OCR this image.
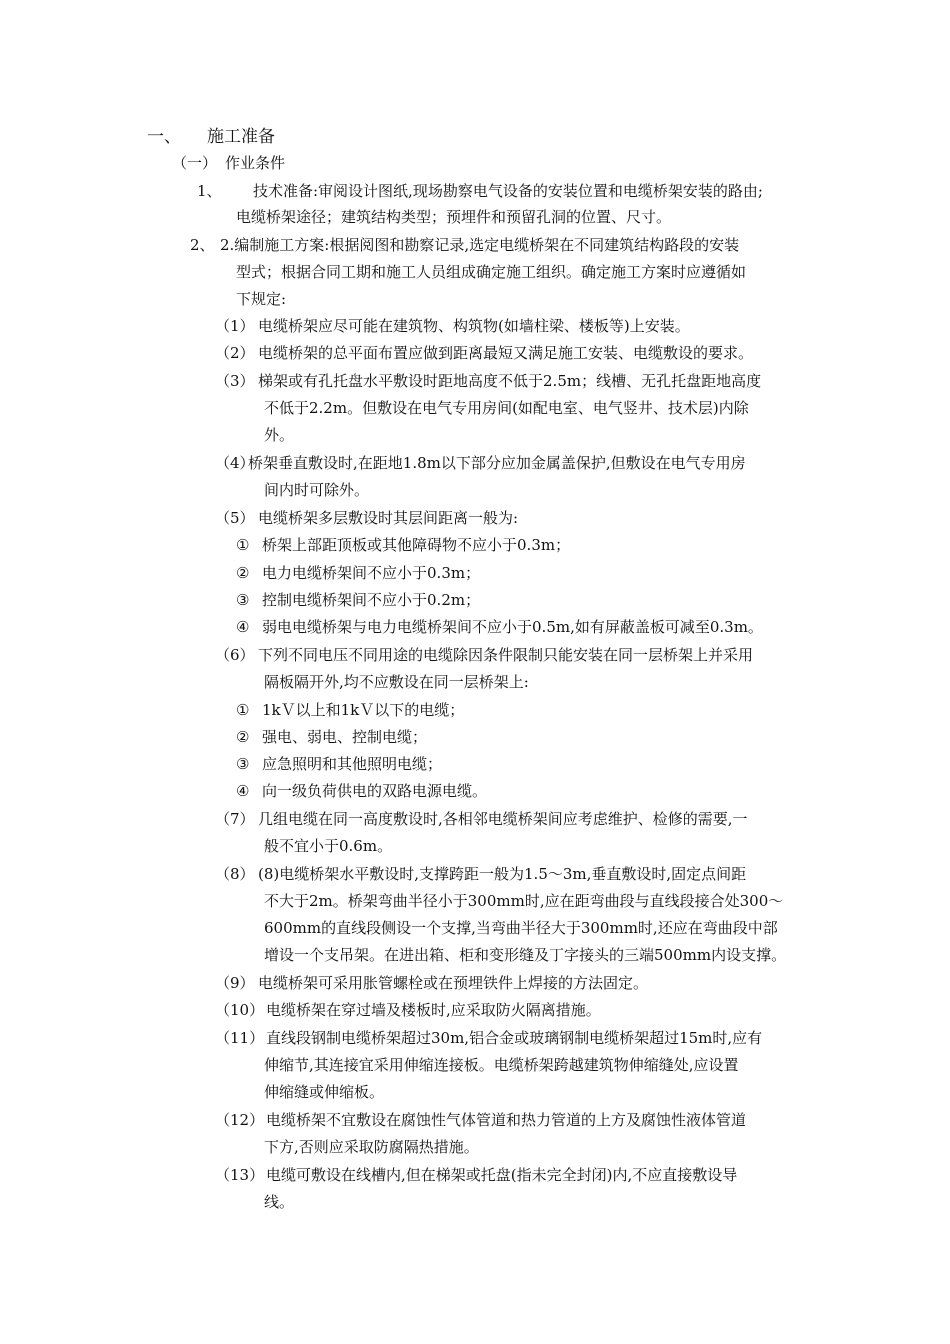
一、 施工准备
（一） 作业条件
1、 技术准备:审阅设计图纸,现场勘察电气设备的安装位置和电缆桥架安装的路由;
电缆桥架途径；建筑结构类型；预埋件和预留孔洞的位置、尺寸。
2、 2.编制施工方案:根据阅图和勘察记录,选定电缆桥架在不同建筑结构路段的安装
型式；根据合同工期和施工人员组成确定施工组织。确定施工方案时应遵循如
下规定:
（1） 电缆桥架应尽可能在建筑物、构筑物(如墙柱梁、楼板等)上安装。
（2） 电缆桥架的总平面布置应做到距离最短又满足施工安装、电缆敷设的要求。
（3） 梯架或有孔托盘水平敷设时距地高度不低于2.5m；线槽、无孔托盘距地高度
不低于2.2m。但敷设在电气专用房间(如配电室、电气竖井、技术层)内除
外。
（4）
桥架垂直敷设时,在距地1.8m以下部分应加金属盖保护,但敷设在电气专用房
间内时可除外。
（5） 电缆桥架多层敷设时其层间距离一般为:
① 桥架上部距顶板或其他障碍物不应小于0.3m；
② 电力电缆桥架间不应小于0.3m；
③ 控制电缆桥架间不应小于0.2m；
④ 弱电电缆桥架与电力电缆桥架间不应小于0.5m,如有屏蔽盖板可减至0.3m。
（6） 下列不同电压不同用途的电缆除因条件限制只能安装在同一层桥架上并采用
隔板隔开外,均不应敷设在同一层桥架上:
① 1kＶ以上和1kＶ以下的电缆；
② 强电、弱电、控制电缆；
③ 应急照明和其他照明电缆；
④ 向一级负荷供电的双路电源电缆。
（7） 几组电缆在同一高度敷设时,各相邻电缆桥架间应考虑维护、检修的需要,一
般不宜小于0.6m。
（8） (8)电缆桥架水平敷设时,支撑跨距一般为1.5～3m,垂直敷设时,固定点间距
不大于2m。桥架弯曲半径小于300mm时,应在距弯曲段与直线段接合处300～
600mm的直线段侧设一个支撑,当弯曲半径大于300mm时,还应在弯曲段中部
增设一个支吊架。在进出箱、柜和变形缝及丁字接头的三端500mm内设支撑。
（9） 电缆桥架可采用胀管螺栓或在预埋铁件上焊接的方法固定。
（10） 电缆桥架在穿过墙及楼板时,应采取防火隔离措施。
（11） 直线段钢制电缆桥架超过30m,铝合金或玻璃钢制电缆桥架超过15m时,应有
伸缩节,其连接宜采用伸缩连接板。电缆桥架跨越建筑物伸缩缝处,应设置
伸缩缝或伸缩板。
（12） 电缆桥架不宜敷设在腐蚀性气体管道和热力管道的上方及腐蚀性液体管道
下方,否则应采取防腐隔热措施。
（13） 电缆可敷设在线槽内,但在梯架或托盘(指未完全封闭)内,不应直接敷设导
线。
